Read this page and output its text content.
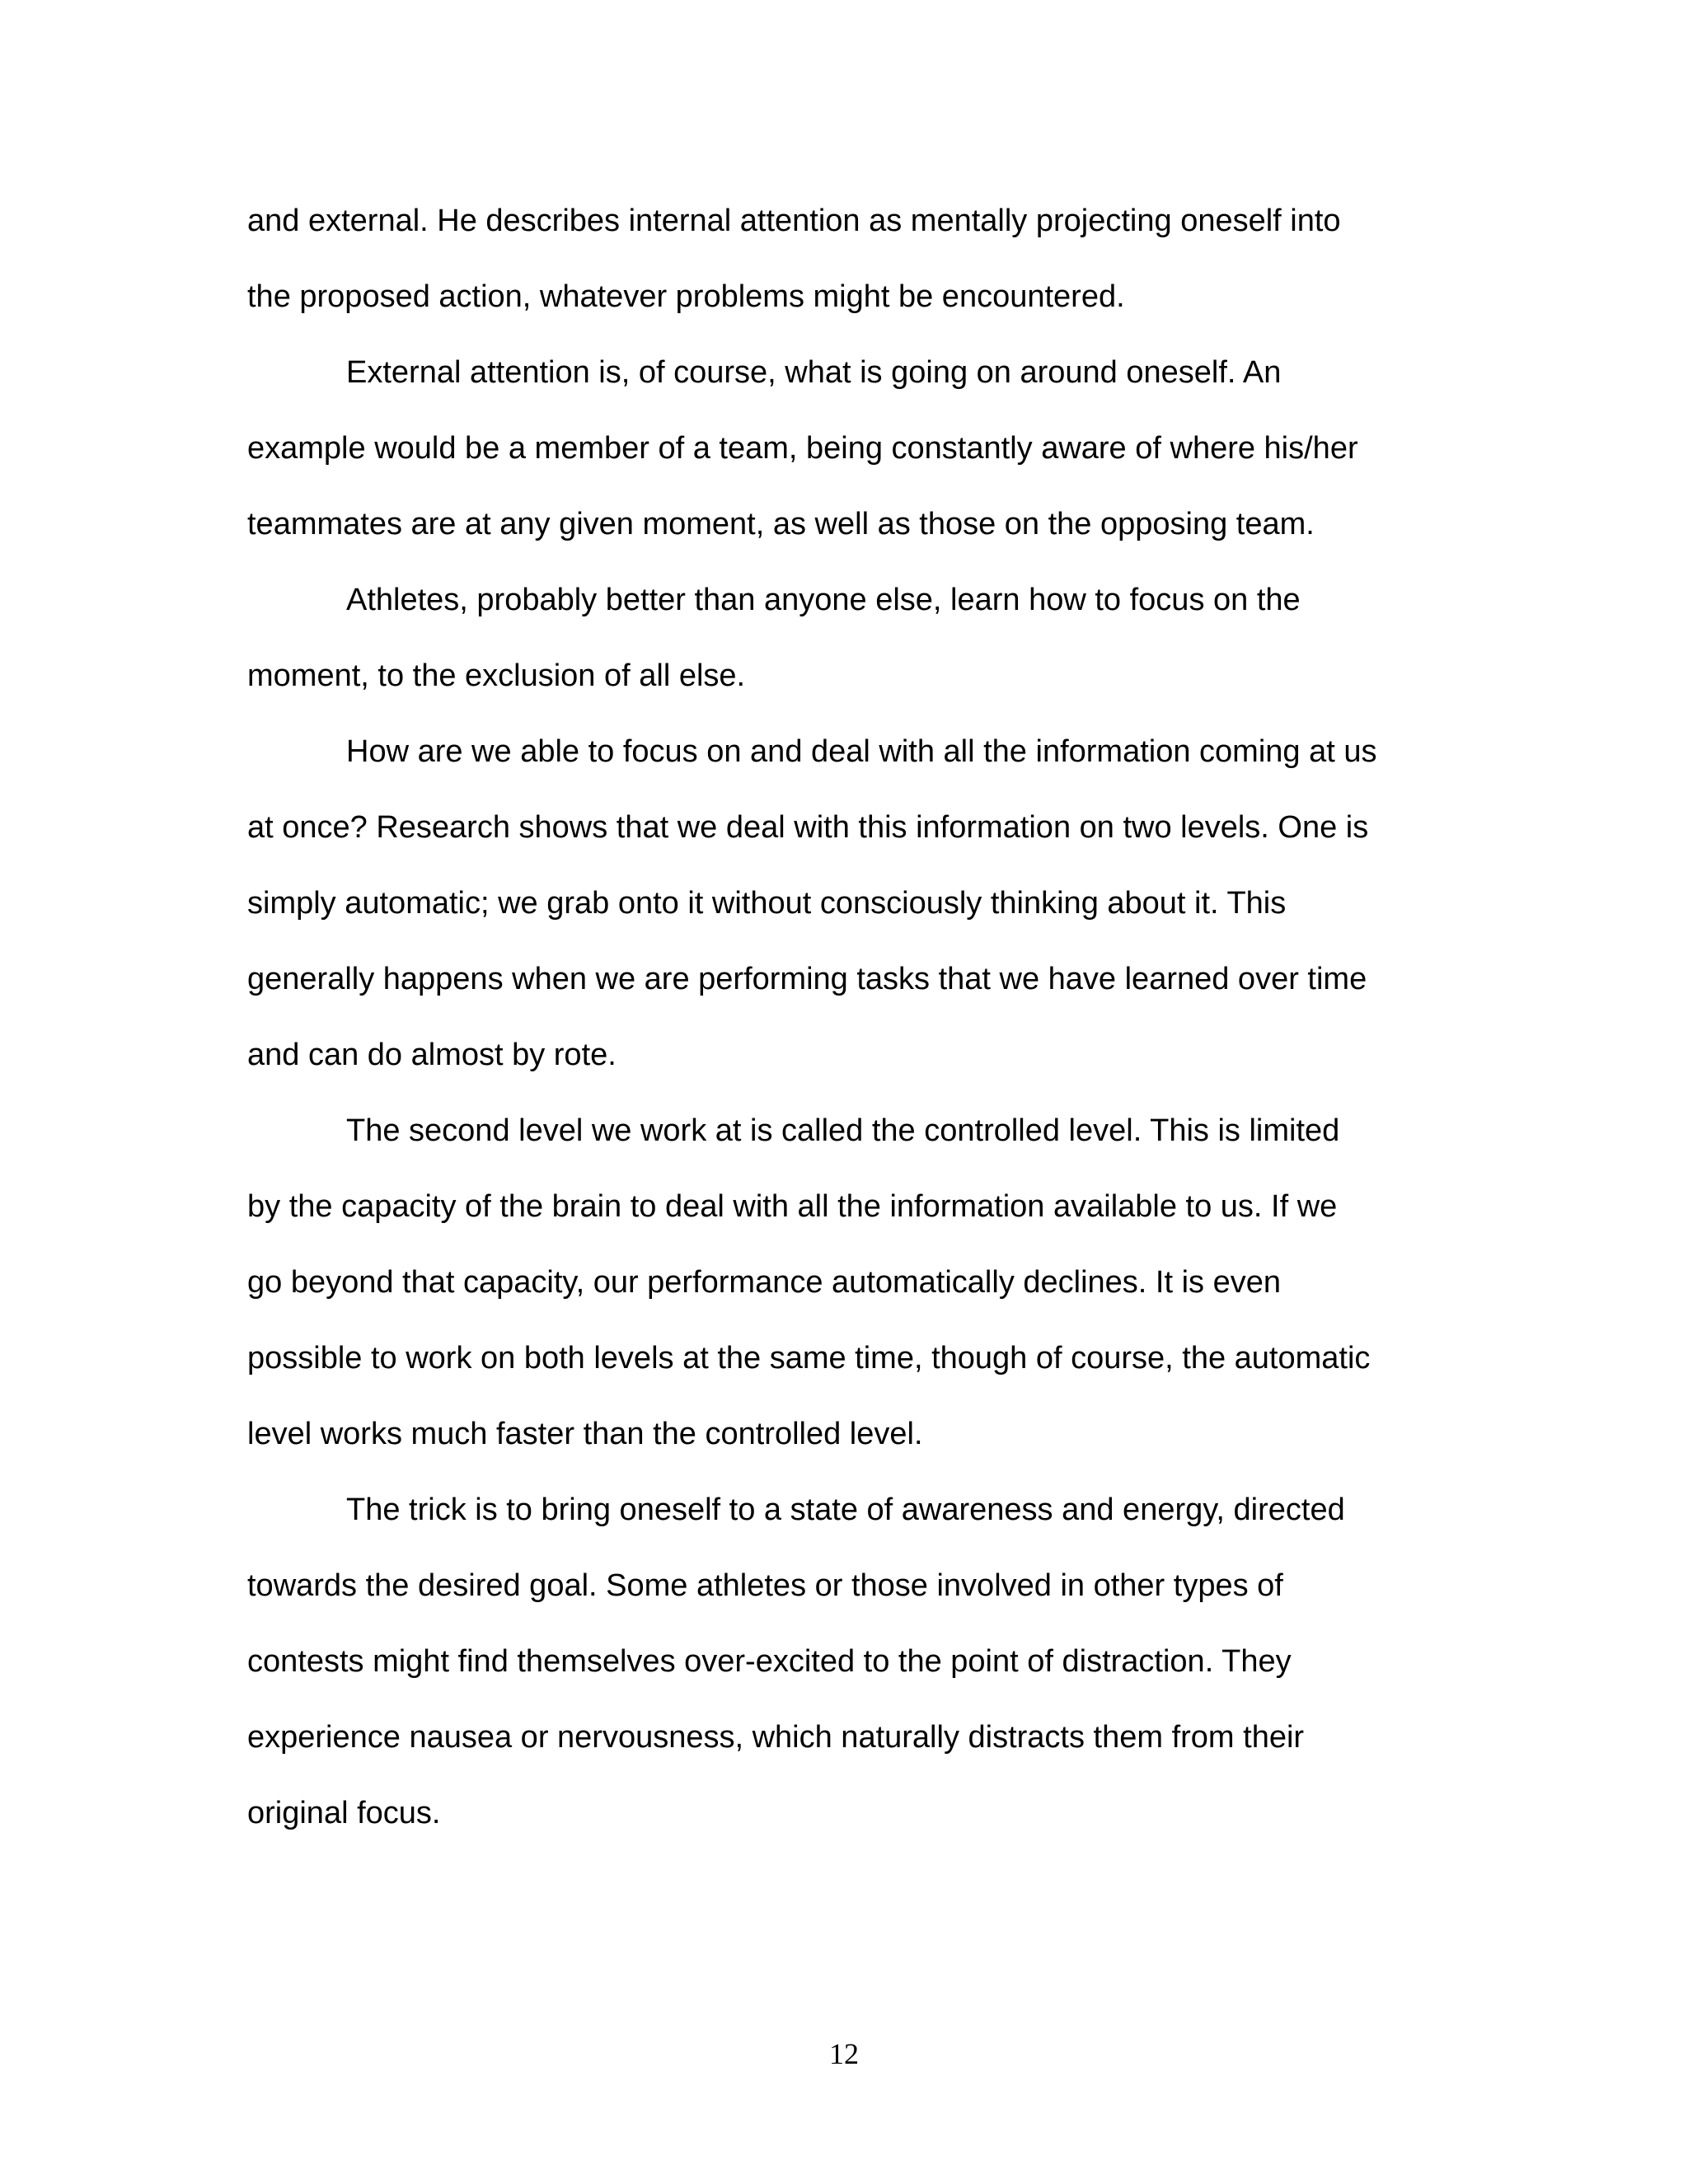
and external. He describes internal attention as mentally projecting oneself into
the proposed action, whatever problems might be encountered.
External attention is, of course, what is going on around oneself. An
example would be a member of a team, being constantly aware of where his/her
teammates are at any given moment, as well as those on the opposing team.
Athletes, probably better than anyone else, learn how to focus on the
moment, to the exclusion of all else.
How are we able to focus on and deal with all the information coming at us
at once? Research shows that we deal with this information on two levels. One is
simply automatic; we grab onto it without consciously thinking about it. This
generally happens when we are performing tasks that we have learned over time
and can do almost by rote.
The second level we work at is called the controlled level. This is limited
by the capacity of the brain to deal with all the information available to us. If we
go beyond that capacity, our performance automatically declines. It is even
possible to work on both levels at the same time, though of course, the automatic
level works much faster than the controlled level.
The trick is to bring oneself to a state of awareness and energy, directed
towards the desired goal. Some athletes or those involved in other types of
contests might find themselves over-excited to the point of distraction. They
experience nausea or nervousness, which naturally distracts them from their
original focus.
12
